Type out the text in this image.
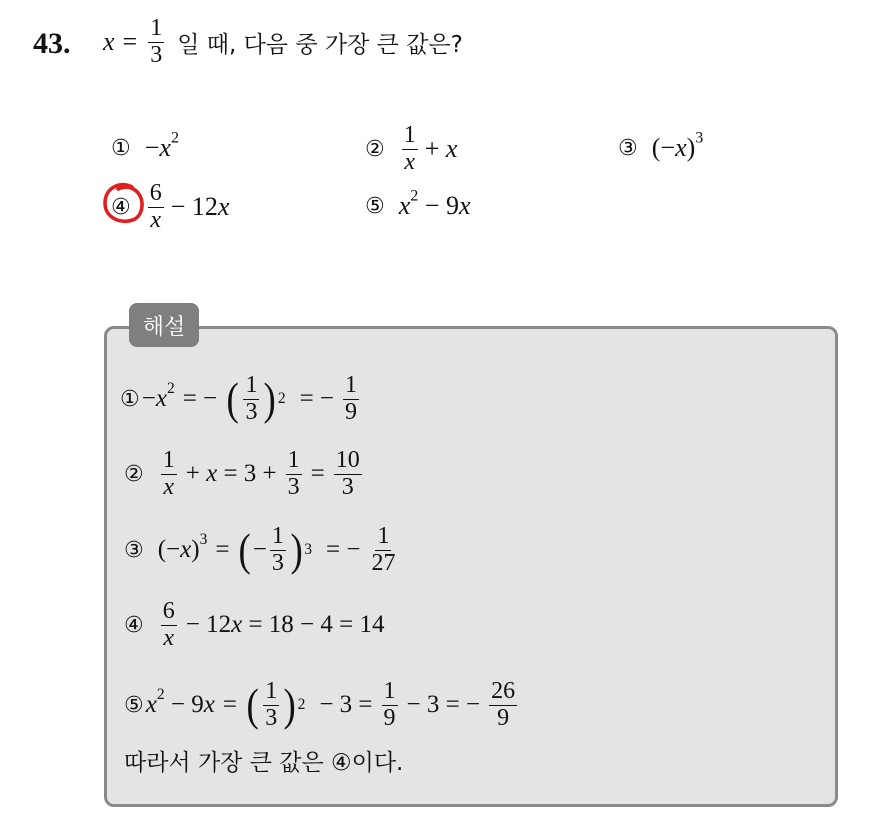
43. $x = \frac{1}{3}$ 일 때, 다음 중 가장 큰 값은?
① $-x^2$	② $\frac{1}{x} + x$	③ $(-x)^3$
④ $\frac{6}{x} - 12x$	⑤ $x^2 - 9x$
해설
① $-x^2$ = − ( $\frac{1}{3}$ ) 2 = − $\frac{1}{9}$
② $\frac{1}{x} + x = 3 + \frac{1}{3} = \frac{10}{3}$
③ $(-x)^3$ = ( − $\frac{1}{3}$ ) 3 = − $\frac{1}{27}$
④ $\frac{6}{x} - 12x = 18 - 4 = 14$
⑤ $x^2 - 9x$ = ( $\frac{1}{3}$ ) $2 - 3 = \frac{1}{9} - 3$ = − $\frac{26}{9}$
따라서 가장 큰 값은 ④이다.
